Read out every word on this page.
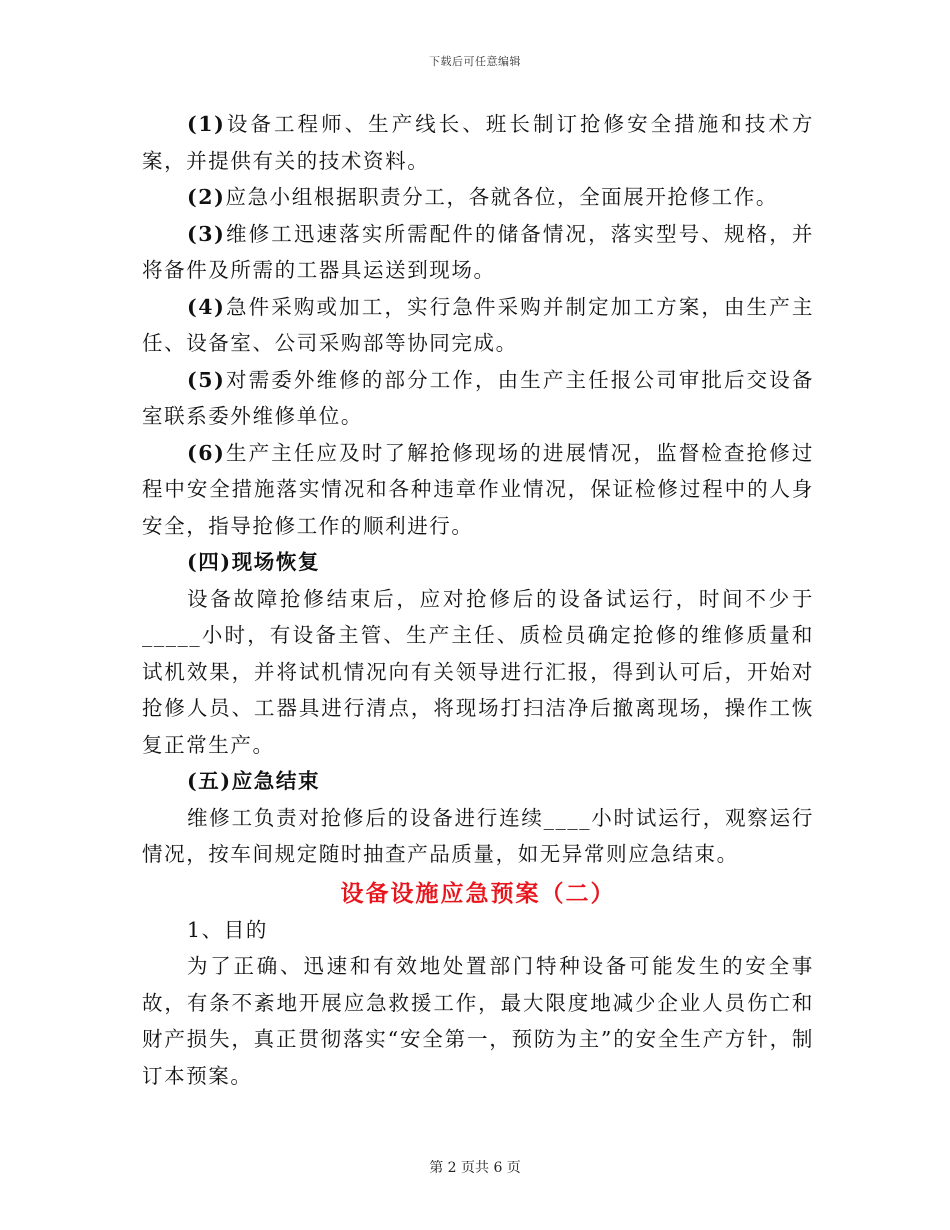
下载后可任意编辑

(1)设备工程师、生产线长、班长制订抢修安全措施和技术方案，并提供有关的技术资料。

(2)应急小组根据职责分工，各就各位，全面展开抢修工作。

(3)维修工迅速落实所需配件的储备情况，落实型号、规格，并将备件及所需的工器具运送到现场。

(4)急件采购或加工，实行急件采购并制定加工方案，由生产主任、设备室、公司采购部等协同完成。

(5)对需委外维修的部分工作，由生产主任报公司审批后交设备室联系委外维修单位。

(6)生产主任应及时了解抢修现场的进展情况，监督检查抢修过程中安全措施落实情况和各种违章作业情况，保证检修过程中的人身安全，指导抢修工作的顺利进行。

(四)现场恢复

设备故障抢修结束后，应对抢修后的设备试运行，时间不少于_____小时，有设备主管、生产主任、质检员确定抢修的维修质量和试机效果，并将试机情况向有关领导进行汇报，得到认可后，开始对抢修人员、工器具进行清点，将现场打扫洁净后撤离现场，操作工恢复正常生产。

(五)应急结束

维修工负责对抢修后的设备进行连续____小时试运行，观察运行情况，按车间规定随时抽查产品质量，如无异常则应急结束。

设备设施应急预案（二）

1、目的

为了正确、迅速和有效地处置部门特种设备可能发生的安全事故，有条不紊地开展应急救援工作，最大限度地减少企业人员伤亡和财产损失，真正贯彻落实“安全第一，预防为主”的安全生产方针，制订本预案。

第 2 页共 6 页
